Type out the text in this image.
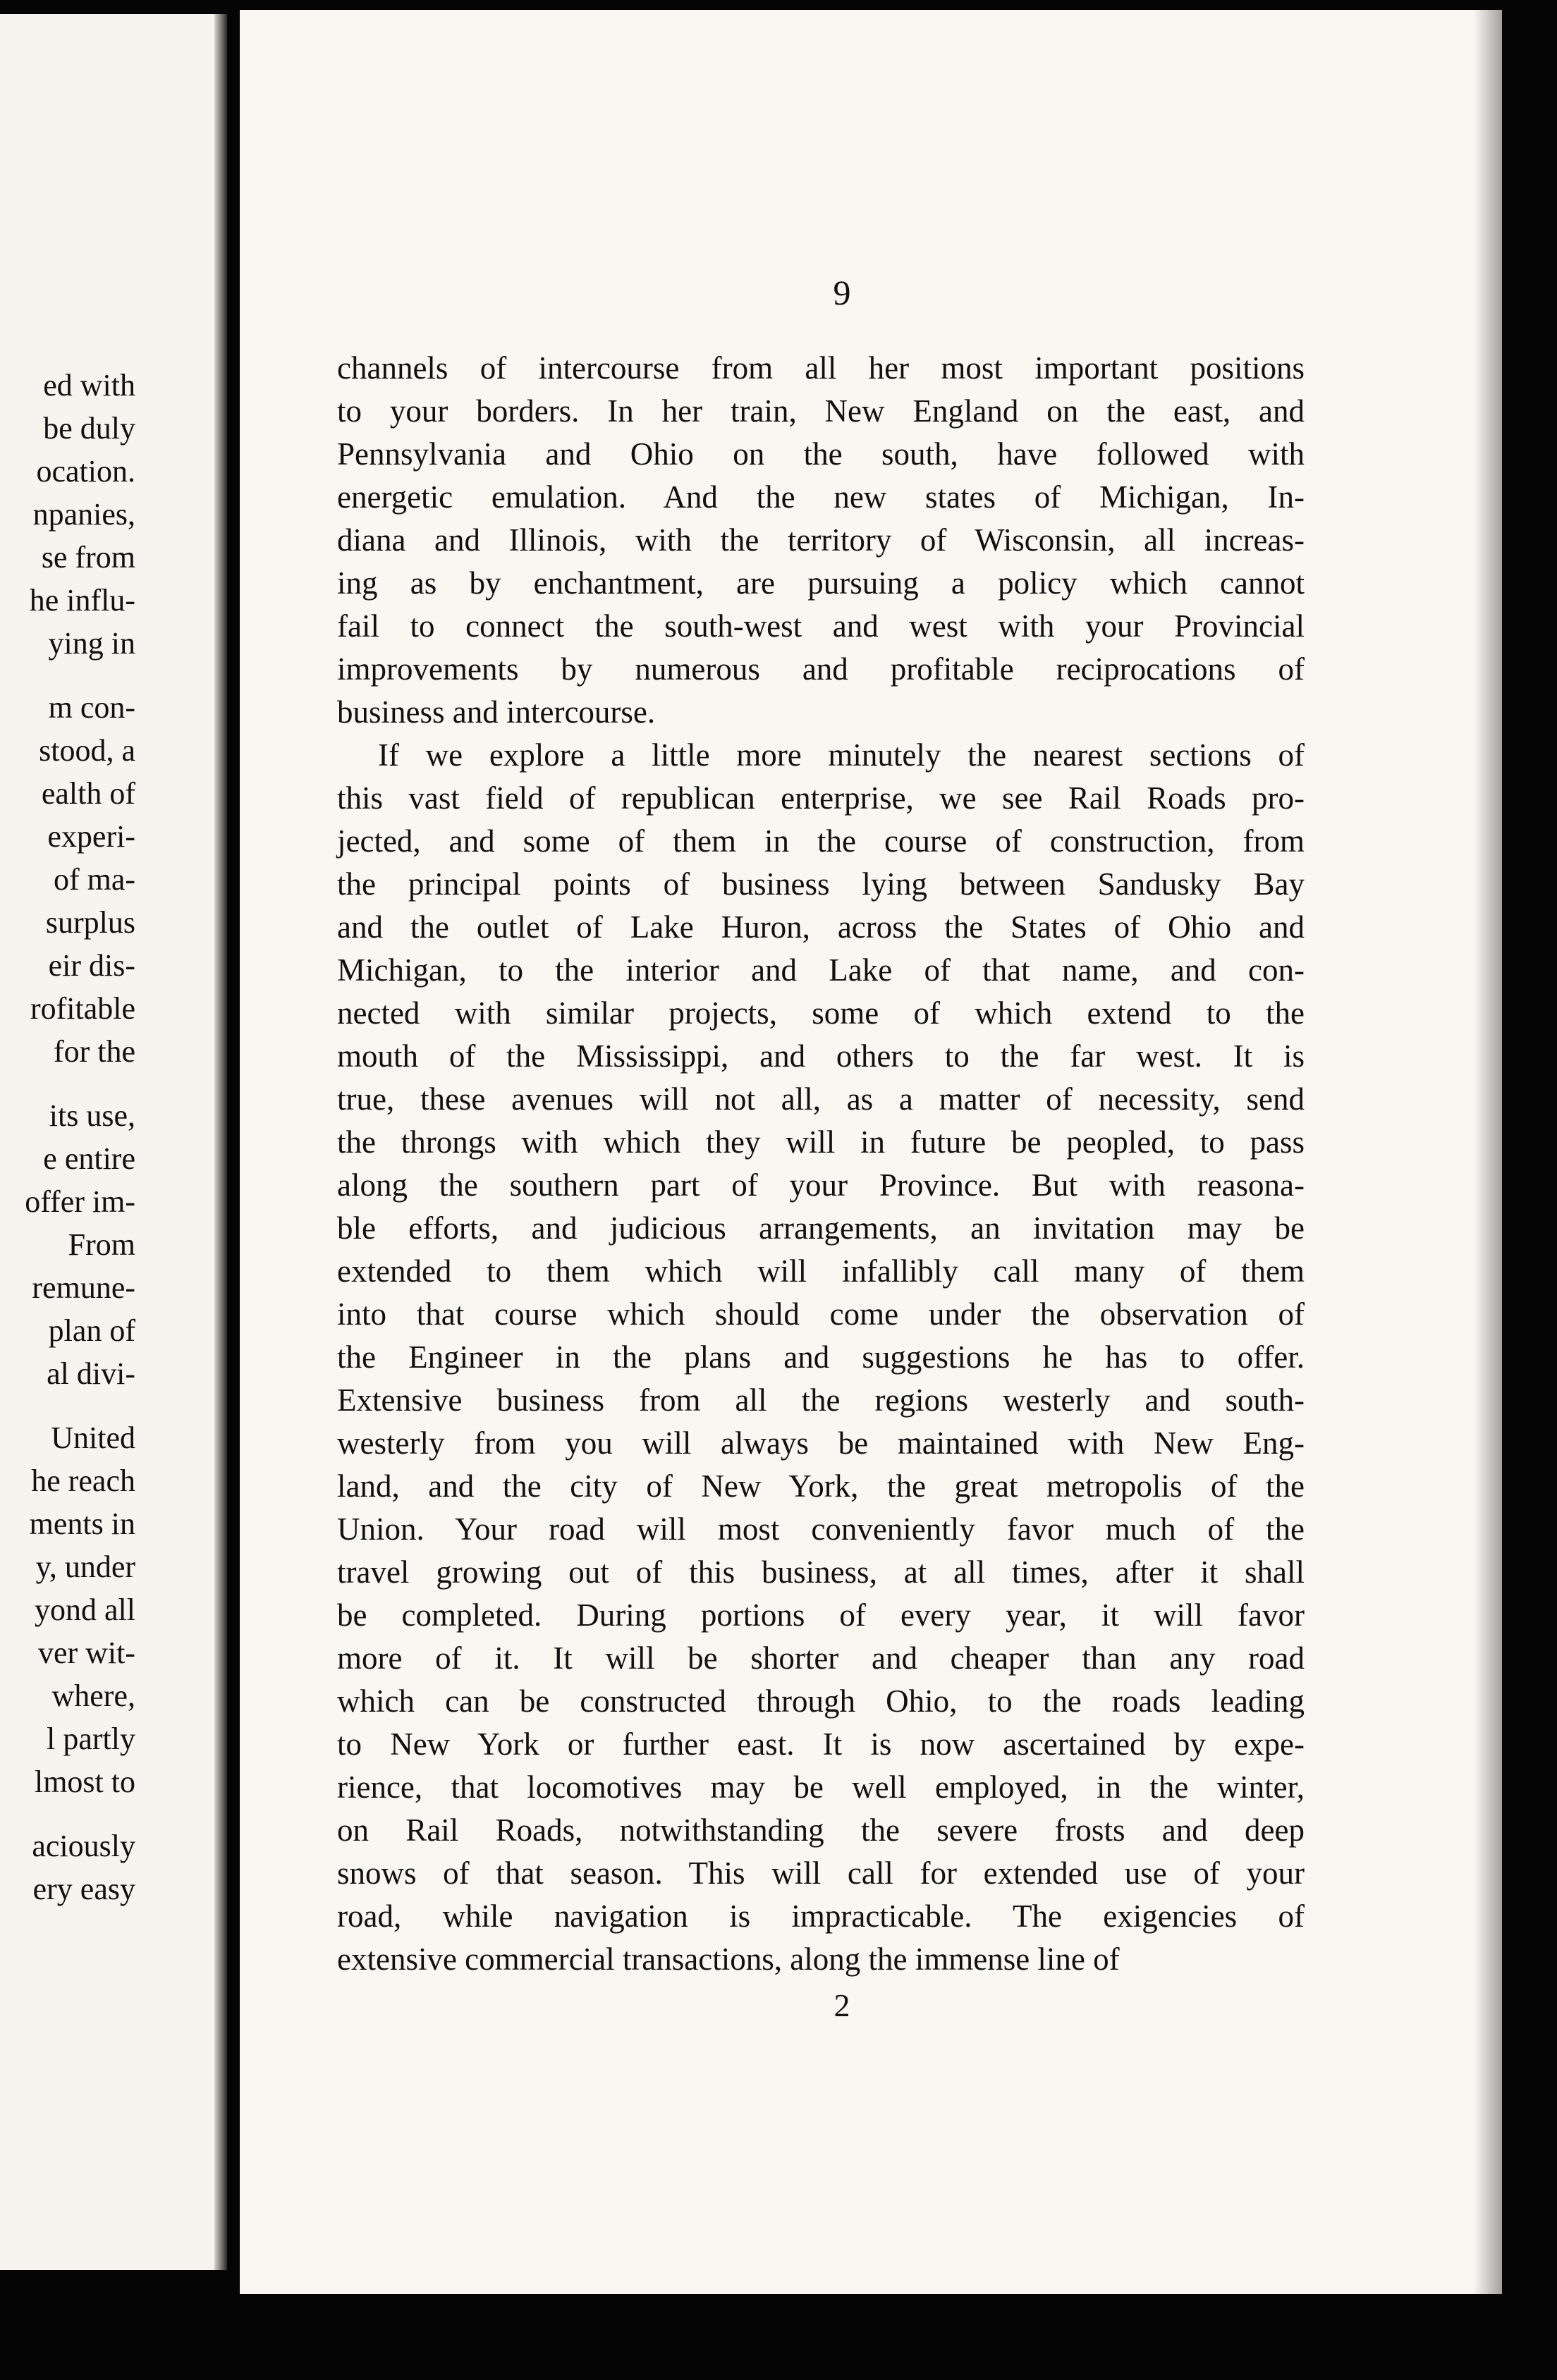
ed with
be duly
ocation.
npanies,
se from
he influ-
ying in
m con-
stood, a
ealth of
experi-
of ma-
surplus
eir dis-
rofitable
for the
its use,
e entire
offer im-
From
remune-
plan of
al divi-
United
he reach
ments in
y, under
yond all
ver wit-
where,
l partly
lmost to
aciously
ery easy
9
channels of intercourse from all her most important positions
to your borders. In her train, New England on the east, and
Pennsylvania and Ohio on the south, have followed with
energetic emulation. And the new states of Michigan, In-
diana and Illinois, with the territory of Wisconsin, all increas-
ing as by enchantment, are pursuing a policy which cannot
fail to connect the south-west and west with your Provincial
improvements by numerous and profitable reciprocations of
business and intercourse.
If we explore a little more minutely the nearest sections of
this vast field of republican enterprise, we see Rail Roads pro-
jected, and some of them in the course of construction, from
the principal points of business lying between Sandusky Bay
and the outlet of Lake Huron, across the States of Ohio and
Michigan, to the interior and Lake of that name, and con-
nected with similar projects, some of which extend to the
mouth of the Mississippi, and others to the far west. It is
true, these avenues will not all, as a matter of necessity, send
the throngs with which they will in future be peopled, to pass
along the southern part of your Province. But with reasona-
ble efforts, and judicious arrangements, an invitation may be
extended to them which will infallibly call many of them
into that course which should come under the observation of
the Engineer in the plans and suggestions he has to offer.
Extensive business from all the regions westerly and south-
westerly from you will always be maintained with New Eng-
land, and the city of New York, the great metropolis of the
Union. Your road will most conveniently favor much of the
travel growing out of this business, at all times, after it shall
be completed. During portions of every year, it will favor
more of it. It will be shorter and cheaper than any road
which can be constructed through Ohio, to the roads leading
to New York or further east. It is now ascertained by expe-
rience, that locomotives may be well employed, in the winter,
on Rail Roads, notwithstanding the severe frosts and deep
snows of that season. This will call for extended use of your
road, while navigation is impracticable. The exigencies of
extensive commercial transactions, along the immense line of
2
